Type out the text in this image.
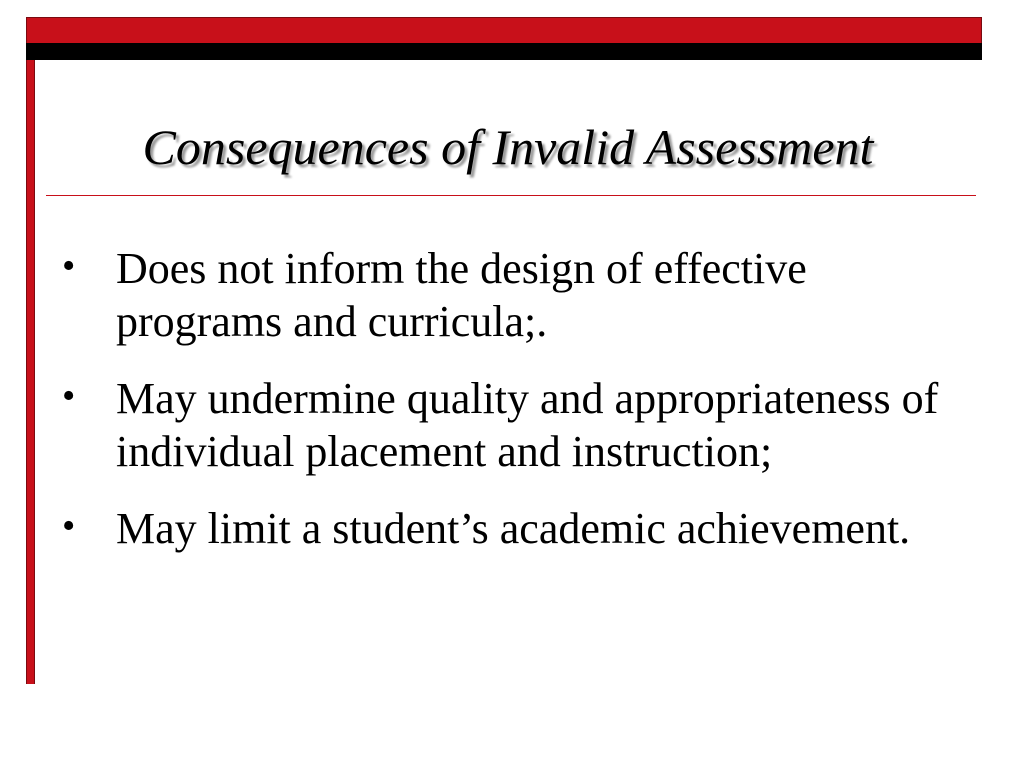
Consequences of Invalid Assessment
• Does not inform the design of effective programs and curricula;.
• May undermine quality and appropriateness of individual placement and instruction;
• May limit a student’s academic achievement.
